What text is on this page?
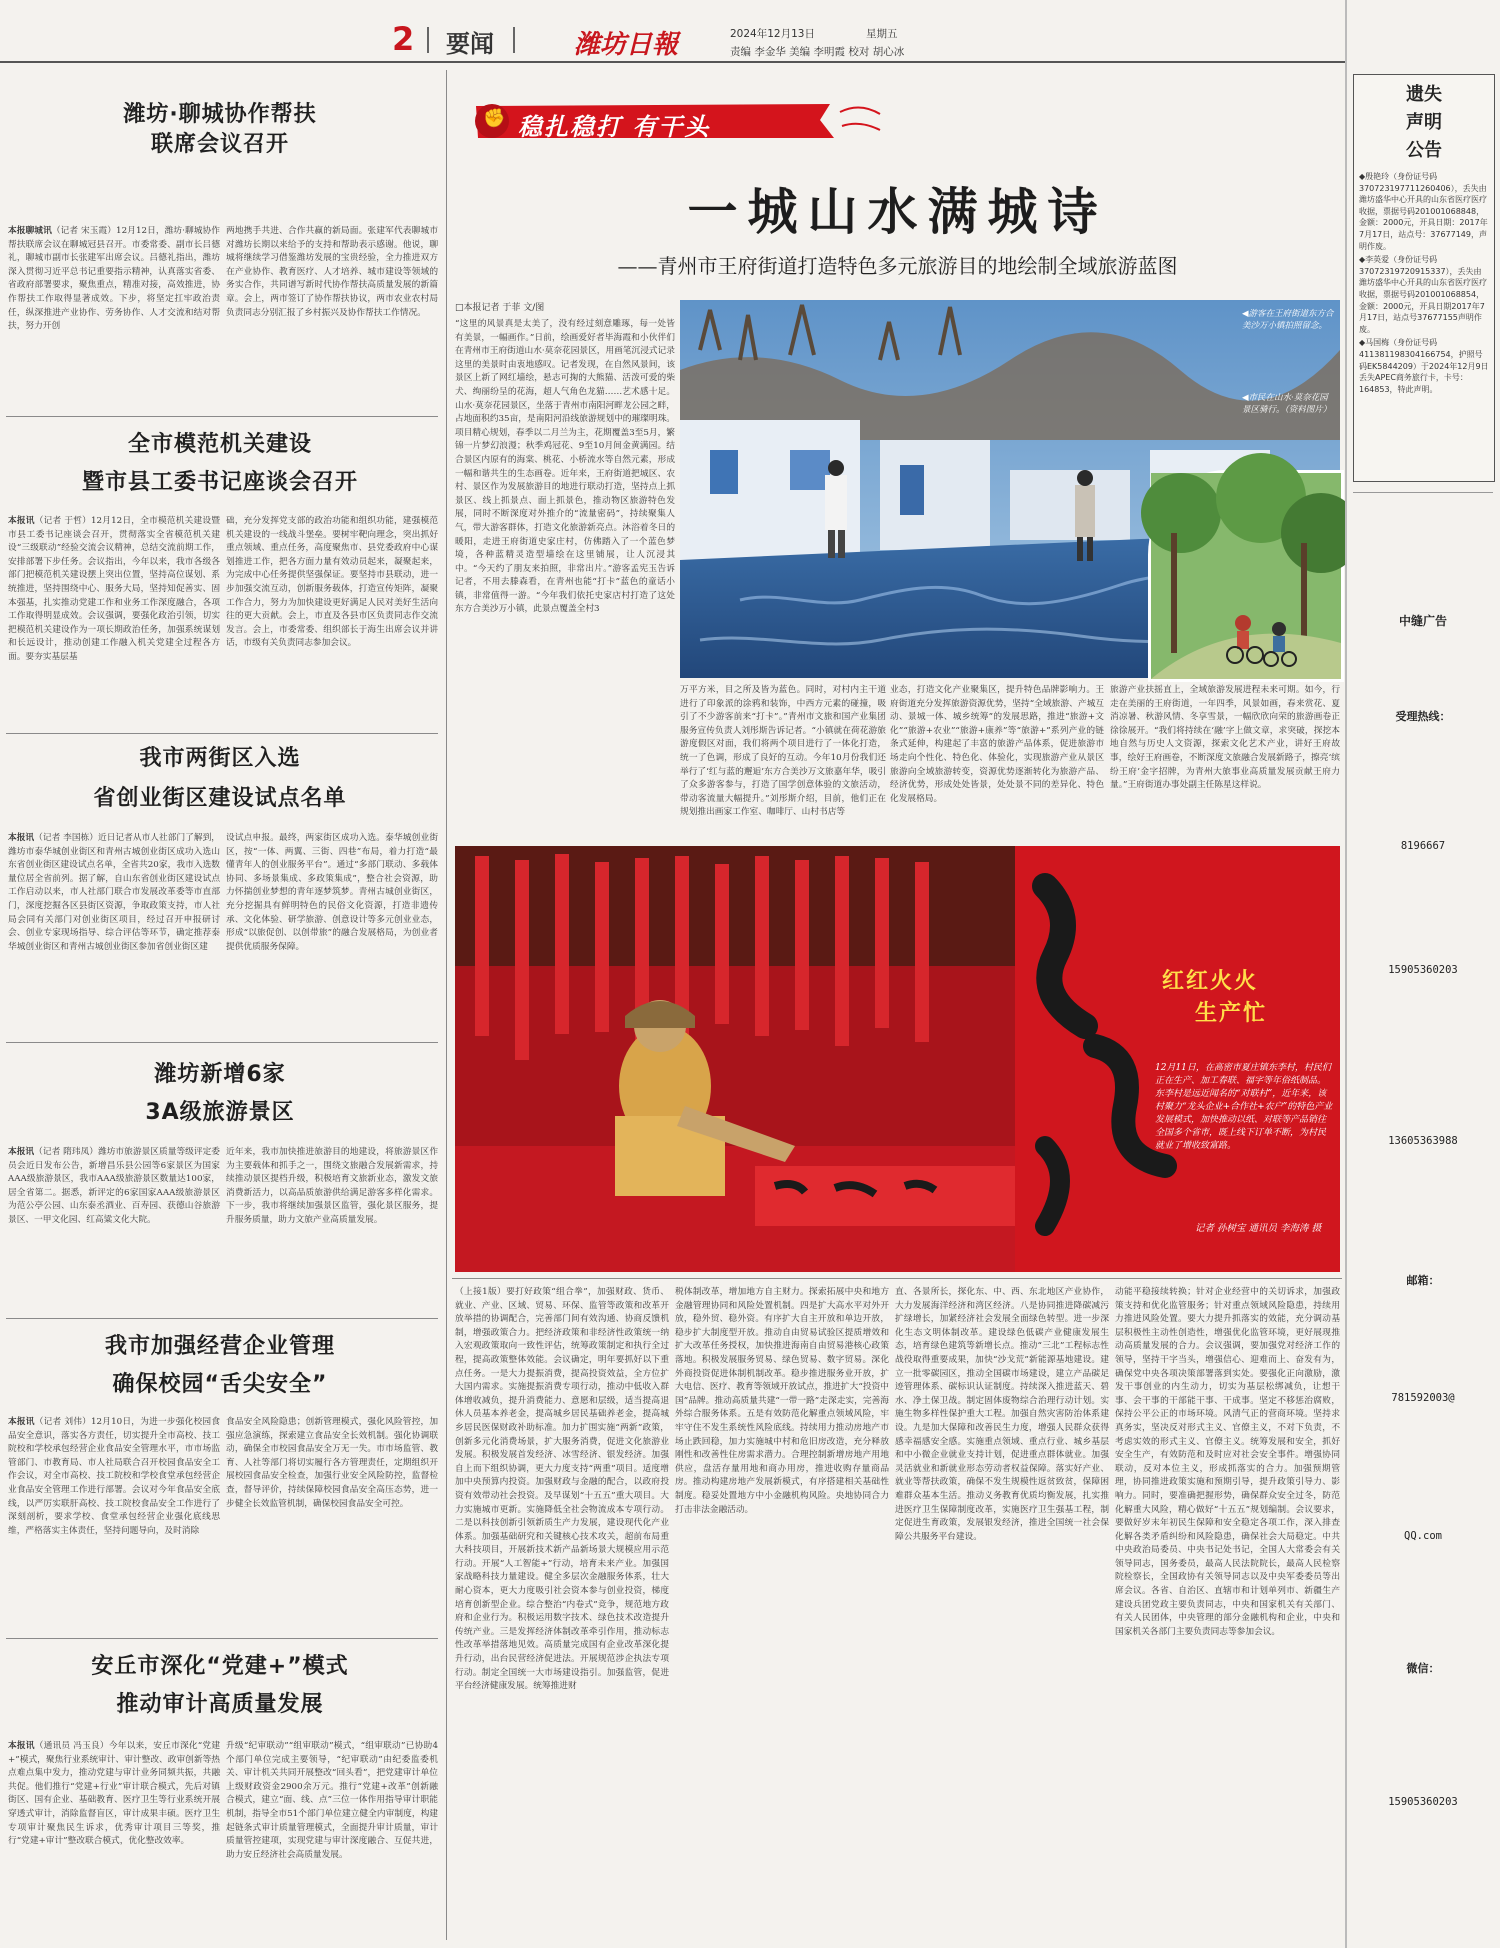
2 要闻	潍坊日報	2024年12月13日	星期五
责编 李金华 美编 李明霞 校对 胡心冰
潍坊·聊城协作帮扶
联席会议召开

本报聊城讯（记者 宋玉霞）12月12日，潍坊·聊城协作帮扶联席会议在聊城冠县召开。市委常委、副市长吕德礼，聊城市副市长张建军出席会议。吕德礼指出，潍坊深入贯彻习近平总书记重要指示精神，认真落实省委、省政府部署要求，聚焦重点，精准对接，高效推进，协作帮扶工作取得显著成效。下步，将坚定扛牢政治责任，纵深推进产业协作、劳务协作、人才交流和结对帮扶，努力开创

两地携手共进、合作共赢的新局面。张建军代表聊城市对潍坊长期以来给予的支持和帮助表示感谢。他说，聊城将继续学习借鉴潍坊发展的宝贵经验，全力推进双方在产业协作、教育医疗、人才培养、城市建设等领域的务实合作，共同谱写新时代协作帮扶高质量发展的新篇章。会上，两市签订了协作帮扶协议，两市农业农村局负责同志分别汇报了乡村振兴及协作帮扶工作情况。

全市模范机关建设
暨市县工委书记座谈会召开

本报讯（记者 于哲）12月12日，全市模范机关建设暨市县工委书记座谈会召开，贯彻落实全省模范机关建设“三级联动”经验交流会议精神，总结交流前期工作，安排部署下步任务。会议指出，今年以来，我市各级各部门把模范机关建设摆上突出位置，坚持高位谋划、系统推进，坚持围绕中心、服务大局，坚持知促善实、固本强基，扎实推动党建工作和业务工作深度融合，各项工作取得明显成效。会议强调，要强化政治引领，切实把模范机关建设作为一项长期政治任务，加强系统谋划和长远设计，推动创建工作融入机关党建全过程各方面。要夯实基层基

础，充分发挥党支部的政治功能和组织功能，建强模范机关建设的一线战斗堡垒。要树牢靶向理念，突出抓好重点领域、重点任务，高度聚焦市、县党委政府中心谋划推进工作，把各方面力量有效动员起来，凝聚起来，为完成中心任务提供坚强保证。要坚持市县联动，进一步加强交流互动，创新服务载体，打造宣传矩阵，凝聚工作合力，努力为加快建设更好满足人民对美好生活向往的更大贡献。会上，市直及各县市区负责同志作交流发言。会上，市委常委、组织部长于海生出席会议并讲话，市级有关负责同志参加会议。

我市两街区入选
省创业街区建设试点名单

本报讯（记者 李国栋）近日记者从市人社部门了解到，潍坊市泰华城创业街区和青州古城创业街区成功入选山东省创业街区建设试点名单，全省共20家，我市入选数量位居全省前列。据了解，自山东省创业街区建设试点工作启动以来，市人社部门联合市发展改革委等市直部门，深度挖掘各区县街区资源，争取政策支持，市人社局会同有关部门对创业街区项目，经过召开申报研讨会、创业专家现场指导、综合评估等环节，确定推荐泰华城创业街区和青州古城创业街区参加省创业街区建

设试点申报。最终，两家街区成功入选。泰华城创业街区，按“一体、两翼、三街、四巷”布局，着力打造“最懂青年人的创业服务平台”。通过“多部门联动、多载体协同、多场景集成、多政策集成”，整合社会资源，助力怀揣创业梦想的青年逐梦筑梦。青州古城创业街区，充分挖掘具有鲜明特色的民俗文化资源，打造非遗传承、文化体验、研学旅游、创意设计等多元创业业态，形成“以旅促创、以创带旅”的融合发展格局，为创业者提供优质服务保障。

潍坊新增6家
3A级旅游景区

本报讯（记者 隋玮凤）潍坊市旅游景区质量等级评定委员会近日发布公告，新增昌乐县公园等6家景区为国家AAA级旅游景区，我市AAA级旅游景区数量达100家，居全省第二。据悉，新评定的6家国家AAA级旅游景区为范公亭公园、山东泰丞酒业、百寿园、获德山谷旅游景区、一甲文化园、红高粱文化大院。

近年来，我市加快推进旅游目的地建设，将旅游景区作为主要载体和抓手之一，围绕文旅融合发展新需求，持续推动景区提档升级，积极培育文旅新业态，激发文旅消费新活力，以高品质旅游供给满足游客多样化需求。下一步，我市将继续加强景区监管，强化景区服务，提升服务质量，助力文旅产业高质量发展。

我市加强经营企业管理
确保校园“舌尖安全”

本报讯（记者 刘伟）12月10日，为进一步强化校园食品安全意识，落实各方责任，切实提升全市高校、技工院校和学校承包经营企业食品安全管理水平，市市场监管部门、市教育局、市人社局联合召开校园食品安全工作会议，对全市高校、技工院校和学校食堂承包经营企业食品安全管理工作进行部署。会议对今年食品安全底线，以严厉实联肝高校、技工院校食品安全工作进行了深刻剖析，要求学校、食堂承包经营企业强化底线思维，严格落实主体责任，坚持问题导向，及时消除

食品安全风险隐患；创新管理模式，强化风险管控，加强应急演练，探索建立食品安全长效机制。强化协调联动，确保全市校园食品安全万无一失。市市场监管、教育、人社等部门将切实履行各方管理责任，定期组织开展校园食品安全检查，加强行业安全风险防控，监督检查，督导评价，持续保障校园食品安全高压态势，进一步健全长效监管机制，确保校园食品安全可控。

安丘市深化“党建+”模式
推动审计高质量发展

本报讯（通讯员 冯玉良）今年以来，安丘市深化“党建+”模式，聚焦行业系统审计、审计整改、政审创新等热点难点集中发力，推动党建与审计业务同频共振，共融共促。他们推行“党建+行业”审计联合模式，先后对镇街区、国有企业、基础教育、医疗卫生等行业系统开展穿透式审计，消除监督盲区，审计成果丰硕。医疗卫生专项审计聚焦民生诉求，优秀审计项目三等奖，推行“党建+审计”整改联合模式，优化整改效率。

升级“纪审联动”“组审联动”模式，“组审联动”已协助4个部门单位完成主要领导，“纪审联动”由纪委监委机关、审计机关共同开展整改“回头看”，把党建审计单位上级财政资金2900余万元。推行“党建+改革”创新融合模式，建立“面、线、点”三位一体作用指导审计职能机制，指导全市51个部门单位建立健全内审制度，构建起链条式审计质量管理模式，全面提升审计质量，审计质量管控建项，实现党建与审计深度融合、互促共进，助力安丘经济社会高质量发展。

✊ 稳扎稳打 有干头
一城山水满城诗
——青州市王府街道打造特色多元旅游目的地绘制全域旅游蓝图
□本报记者 于菲 文/图

“这里的风景真是太美了，没有经过刻意雕琢，每一处皆有美景，一幅画作。”日前，绘画爱好者毕海霞和小伙伴们在青州市王府街道山水·莫奈花园景区，用画笔沉浸式记录这里的美景时由衷地感叹。记者发现，在自然风景间，该景区上新了网红墙绘，悬志可掬的大熊猫、活泼可爱的柴犬、绚丽纷呈的花海，超人气角色龙猫……艺术感十足。山水·莫奈花园景区，坐落于青州市南阳河畔龙公园之畔，占地面积约35亩，是南阳河沿线旅游规划中的璀璨明珠。项目精心规划，春季以二月兰为主，花期覆盖3至5月，繁锦一片梦幻浪漫；秋季鸡冠花、9至10月间金黄满园。结合景区内原有的海棠、桃花、小桥流水等自然元素，形成一幅和谐共生的生态画卷。近年来，王府街道把城区、农村、景区作为发展旅游目的地进行联动打造，坚持点上抓景区、线上抓景点、面上抓景色，推动物区旅游特色发展，同时不断深度对外推介的“流量密码”，持续聚集人气，带大游客群体，打造文化旅游新亮点。沐浴着冬日的暖阳，走进王府街道史家庄村，仿佛踏入了一个蓝色梦境，各种蓝精灵造型墙绘在这里铺展，让人沉浸其中。“今天约了朋友来拍照，非常出片。”游客孟宪玉告诉记者，不用去滕森看，在青州也能“打卡”蓝色的童话小镇，非常值得一游。“今年我们依托史家店村打造了这处东方合美沙万小镇，此景点覆盖全村3

◀游客在王府街道东方合美沙万小镇拍照留念。
◀市民在山水·莫奈花园景区骑行。（资料图片）

万平方米，目之所及皆为蓝色。同时，对村内主干道进行了印象派的涂鸦和装饰，中西方元素的碰撞，吸引了不少游客前来“打卡”。”青州市文旅和国产业集团服务宣传负责人刘彤斯告诉记者。“小镇就在荷花游旅游度假区对面，我们将两个项目进行了一体化打造，统一了色调，形成了良好的互动。今年10月份我们还举行了‘红与蓝的邂逅’东方合美沙万文旅嘉年华，吸引了众多游客参与，打造了国学创意体验的文旅活动，带动客流量大幅提升。”刘彤斯介绍，目前，他们正在规划推出画家工作室、咖啡厅、山村书店等

业态，打造文化产业聚集区，提升特色品牌影响力。王府街道充分发挥旅游资源优势，坚持“全域旅游、产城互动、景城一体、城乡统筹”的发展思路，推进“旅游+文化”“旅游+农业”“旅游+康养”等“旅游+”系列产业的链条式延伸，构建起了丰富的旅游产品体系，促进旅游市场走向个性化、特色化、体验化，实现旅游产业从景区旅游向全域旅游转变，资源优势逐渐转化为旅游产品、经济优势，形成处处皆景，处处景不同的差异化、特色化发展格局。

旅游产业扶摇直上，全域旅游发展进程未来可期。如今，行走在美丽的王府街道，一年四季，风景如画，春来赏花、夏消凉暑、秋游风情、冬享雪景，一幅欣欣向荣的旅游画卷正徐徐展开。“我们将持续在‘融’字上做文章，求突破，探挖本地自然与历史人文资源，探索文化艺术产业，讲好王府故事，绘好王府画卷，不断深度文旅融合发展新路子，擦亮‘缤纷王府’金字招牌，为青州大旅事业高质量发展贡献王府力量。”王府街道办事处副主任陈星这样说。

红红火火
生产忙
12月11日，在高密市夏庄镇东李村，村民们正在生产、加工春联、福字等年俗纸制品。东李村是远近闻名的“对联村”，近年来，该村聚力“龙头企业+合作社+农户”的特色产业发展模式，加快推动以纸、对联等产品销往全国多个省市，既上线下订单不断，为村民就业了增收致富路。
记者 孙树宝 通讯员 李海涛 摄

（上接1版）要打好政策“组合拳”，加强财政、货币、就业、产业、区域、贸易、环保、监管等政策和改革开放举措的协调配合，完善部门间有效沟通、协商反馈机制，增强政策合力。把经济政策和非经济性政策统一纳入宏观政策取向一致性评估，统筹政策制定和执行全过程，提高政策整体效能。会议确定，明年要抓好以下重点任务。一是大力提振消费，提高投资效益，全方位扩大国内需求。实施提振消费专项行动，推动中低收入群体增收减负，提升消费能力、意愿和层级，适当提高退休人员基本养老金，提高城乡居民基础养老金，提高城乡居民医保财政补助标准。加力扩围实施“两新”政策，创新多元化消费场景，扩大服务消费，促进文化旅游业发展。积极发展首发经济、冰雪经济、银发经济。加强自上而下组织协调，更大力度支持“两重”项目。适度增加中央预算内投资。加强财政与金融的配合，以政府投资有效带动社会投资。及早谋划“十五五”重大项目。大力实施城市更新。实施降低全社会物流成本专项行动。二是以科技创新引领新质生产力发展，建设现代化产业体系。加强基础研究和关键核心技术攻关，超前布局重大科技项目，开展新技术新产品新场景大规模应用示范行动。开展“人工智能+”行动，培育未来产业。加强国家战略科技力量建设。健全多层次金融服务体系，壮大耐心资本，更大力度吸引社会资本参与创业投资，梯度培育创新型企业。综合整治“内卷式”竞争，规范地方政府和企业行为。积极运用数字技术、绿色技术改造提升传统产业。三是发挥经济体制改革牵引作用，推动标志性改革举措落地见效。高质量完成国有企业改革深化提升行动，出台民营经济促进法。开展规范涉企执法专项行动。制定全国统一大市场建设指引。加强监管，促进平台经济健康发展。统筹推进财

税体制改革，增加地方自主财力。探索拓展中央和地方金融管理协同和风险处置机制。四是扩大高水平对外开放，稳外贸、稳外资。有序扩大自主开放和单边开放，稳步扩大制度型开放。推动自由贸易试验区提质增效和扩大改革任务授权，加快推进海南自由贸易港核心政策落地。积极发展服务贸易、绿色贸易、数字贸易。深化外商投资促进体制机制改革。稳步推进服务业开放，扩大电信、医疗、教育等领域开放试点，推进扩大“投资中国”品牌。推动高质量共建“一带一路”走深走实，完善海外综合服务体系。五是有效防范化解重点领域风险，牢牢守住不发生系统性风险底线。持续用力推动房地产市场止跌回稳，加力实施城中村和危旧房改造，充分释放刚性和改善性住房需求潜力。合理控制新增房地产用地供应，盘活存量用地和商办用房，推进收购存量商品房。推动构建房地产发展新模式，有序搭建相关基础性制度。稳妥处置地方中小金融机构风险。央地协同合力打击非法金融活动。

直、各景所长，探化东、中、西、东北地区产业协作，大力发展海洋经济和湾区经济。八是协同推进降碳减污扩绿增长，加紧经济社会发展全面绿色转型。进一步深化生态文明体制改革。建设绿色低碳产业健康发展生态，培育绿色建筑等新增长点。推动“三北”工程标志性战役取得重要成果，加快“沙戈荒”新能源基地建设。建立一批零碳园区，推动全国碳市场建设，建立产品碳足迹管理体系、碳标识认证制度。持续深入推进蓝天、碧水、净土保卫战。制定固体废物综合治理行动计划。实施生物多样性保护重大工程。加强自然灾害防治体系建设。九是加大保障和改善民生力度，增强人民群众获得感幸福感安全感。实施重点领域、重点行业、城乡基层和中小微企业就业支持计划，促进重点群体就业。加强灵活就业和新就业形态劳动者权益保障。落实好产业、就业等帮扶政策，确保不发生规模性返贫致贫，保障困难群众基本生活。推动义务教育优质均衡发展，扎实推进医疗卫生保障制度改革，实施医疗卫生强基工程，制定促进生育政策，发展银发经济，推进全国统一社会保障公共服务平台建设。

动能平稳接续转换；针对企业经营中的关切诉求，加强政策支持和优化监管服务；针对重点领域风险隐患，持续用力推进风险处置。要大力提升抓落实的效能，充分调动基层积极性主动性创造性，增强优化监管环境，更好展现推动高质量发展的合力。会议强调，要加强党对经济工作的领导，坚持干字当头，增强信心、迎难而上、奋发有为，确保党中央各项决策部署落到实处。要强化正向激励，激发干事创业的内生动力，切实为基层松绑减负，让想干事、会干事的干部能干事、干成事。坚定不移惩治腐败，保持公平公正的市场环境。风清气正的营商环境。坚持求真务实，坚决反对形式主义、官僚主义，不对下负责，不考虑实效的形式主义、官僚主义。统筹发展和安全，抓好安全生产，有效防范和及时应对社会安全事件。增强协同联动，反对本位主义，形成抓落实的合力。加强预期管理，协同推进政策实施和预期引导，提升政策引导力、影响力。同时，要准确把握形势，确保群众安全过冬，防范化解重大风险，精心做好“十五五”规划编制。会议要求，要做好岁末年初民生保障和安全稳定各项工作，深入排查化解各类矛盾纠纷和风险隐患，确保社会大局稳定。中共中央政治局委员、中央书记处书记，全国人大常委会有关领导同志，国务委员，最高人民法院院长，最高人民检察院检察长，全国政协有关领导同志以及中央军委委员等出席会议。各省、自治区、直辖市和计划单列市、新疆生产建设兵团党政主要负责同志，中央和国家机关有关部门、有关人民团体，中央管理的部分金融机构和企业，中央和国家机关各部门主要负责同志等参加会议。

遗失
声明
公告

◆殷艳玲（身份证号码370723197711260406），丢失由潍坊盛华中心开具的山东省医疗医疗收据，票据号码201001068848，金额：2000元，开具日期：2017年7月17日，站点号：37677149，声明作废。

◆李英爱（身份证号码37072319720915337），丢失由潍坊盛华中心开具的山东省医疗医疗收据，票据号码201001068854，金额：2000元，开具日期2017年7月17日，站点号37677155声明作废。

◆马国梅（身份证号码411381198304166754，护照号码EK5844209）于2024年12月9日丢失APEC商务旅行卡，卡号：164853，特此声明。

中缝广告
受理热线：
8196667
15905360203
13605363988
邮箱：
781592003@
QQ.com
微信：
15905360203
